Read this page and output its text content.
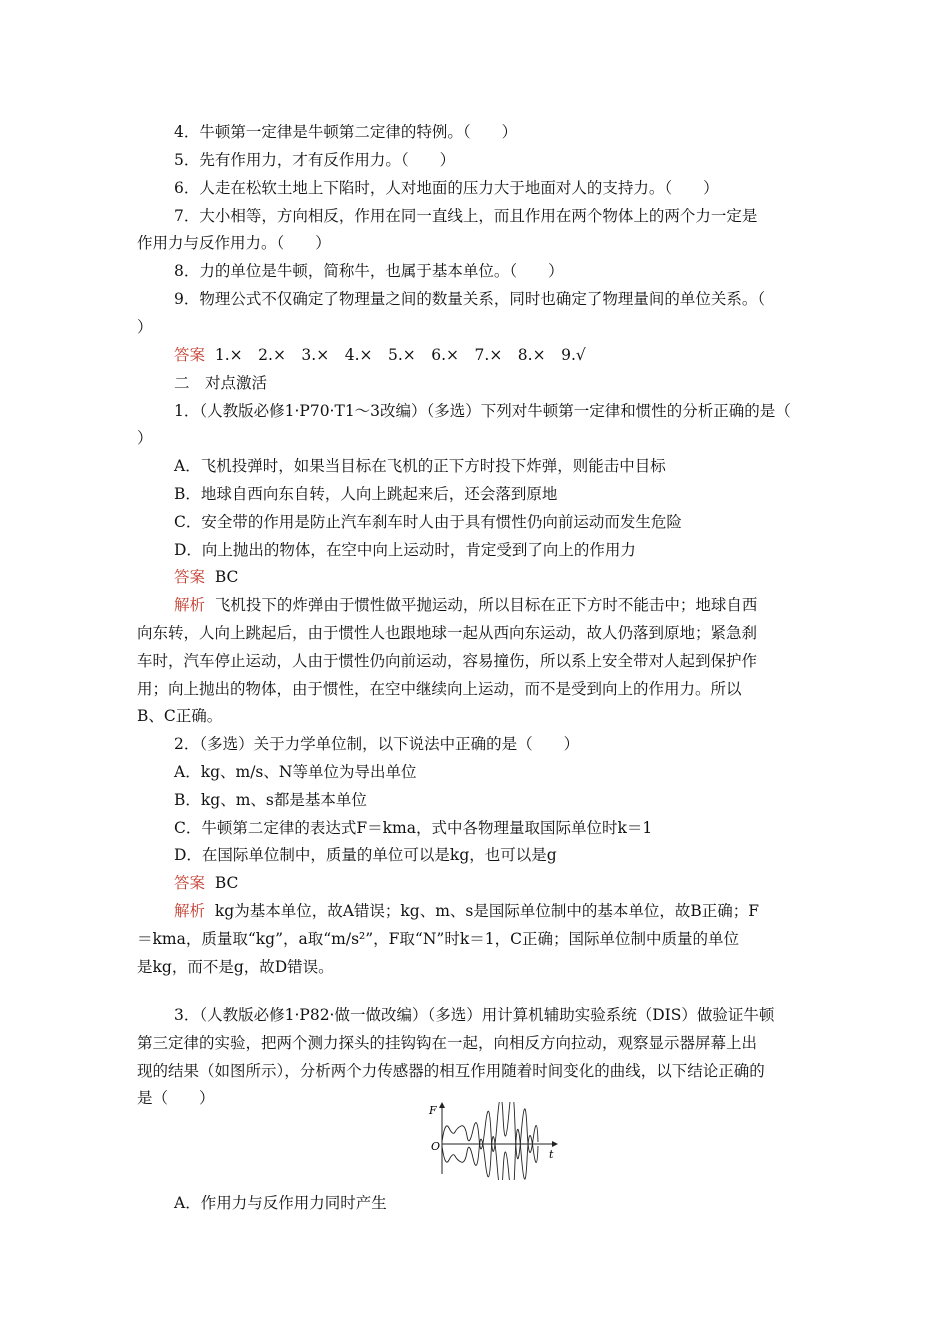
4．牛顿第一定律是牛顿第二定律的特例。（　　）
5．先有作用力，才有反作用力。（　　）
6．人走在松软土地上下陷时，人对地面的压力大于地面对人的支持力。（　　）
7．大小相等，方向相反，作用在同一直线上，而且作用在两个物体上的两个力一定是
作用力与反作用力。（　　）
8．力的单位是牛顿，简称牛，也属于基本单位。（　　）
9．物理公式不仅确定了物理量之间的数量关系，同时也确定了物理量间的单位关系。（
）
答案 1.×　2.×　3.×　4.×　5.×　6.×　7.×　8.×　9.√
二　对点激活
1．（人教版必修1·P70·T1～3改编）（多选）下列对牛顿第一定律和惯性的分析正确的是（
）
A．飞机投弹时，如果当目标在飞机的正下方时投下炸弹，则能击中目标
B．地球自西向东自转，人向上跳起来后，还会落到原地
C．安全带的作用是防止汽车刹车时人由于具有惯性仍向前运动而发生危险
D．向上抛出的物体，在空中向上运动时，肯定受到了向上的作用力
答案 BC
解析 飞机投下的炸弹由于惯性做平抛运动，所以目标在正下方时不能击中；地球自西
向东转，人向上跳起后，由于惯性人也跟地球一起从西向东运动，故人仍落到原地；紧急刹
车时，汽车停止运动，人由于惯性仍向前运动，容易撞伤，所以系上安全带对人起到保护作
用；向上抛出的物体，由于惯性，在空中继续向上运动，而不是受到向上的作用力。所以
B、C正确。
2．（多选）关于力学单位制，以下说法中正确的是（　　）
A．kg、m/s、N等单位为导出单位
B．kg、m、s都是基本单位
C．牛顿第二定律的表达式F＝kma，式中各物理量取国际单位时k＝1
D．在国际单位制中，质量的单位可以是kg，也可以是g
答案 BC
解析 kg为基本单位，故A错误；kg、m、s是国际单位制中的基本单位，故B正确；F
＝kma，质量取“kg”，a取“m/s²”，F取“N”时k＝1，C正确；国际单位制中质量的单位
是kg，而不是g，故D错误。
3．（人教版必修1·P82·做一做改编）（多选）用计算机辅助实验系统（DIS）做验证牛顿
第三定律的实验，把两个测力探头的挂钩钩在一起，向相反方向拉动，观察显示器屏幕上出
现的结果（如图所示），分析两个力传感器的相互作用随着时间变化的曲线，以下结论正确的
是（　　）
F
O
t
A．作用力与反作用力同时产生
